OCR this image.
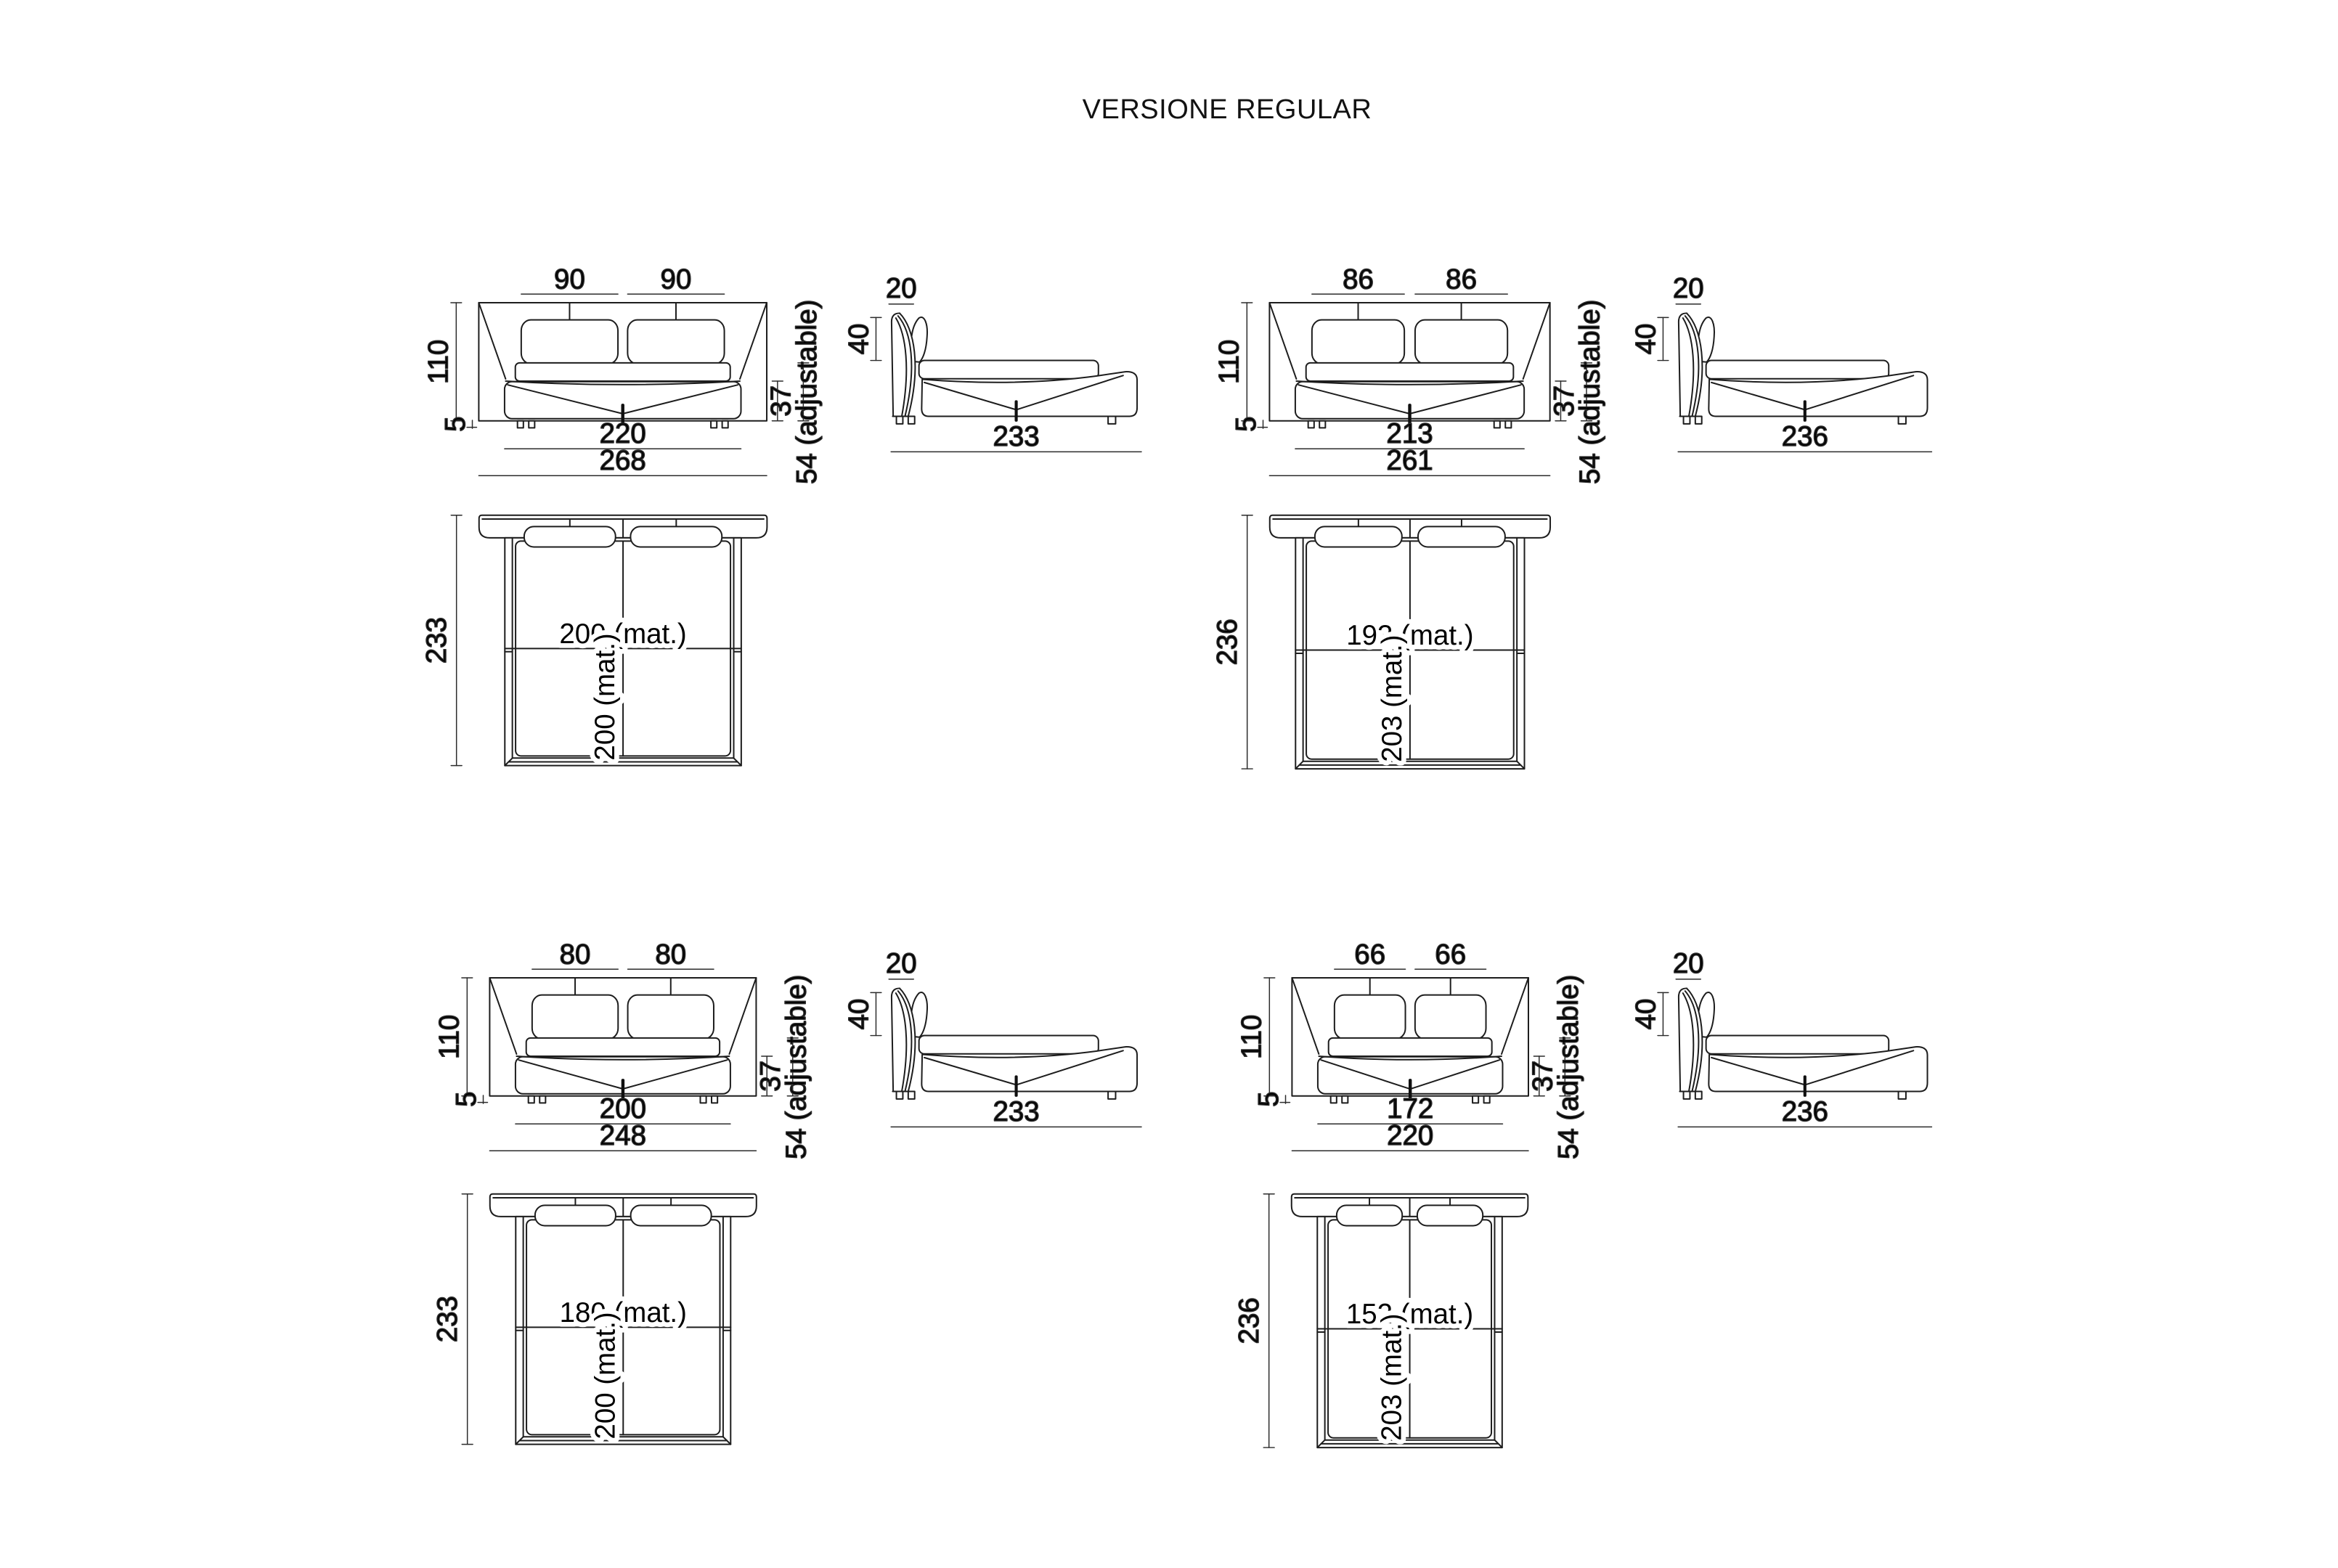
VERSIONE REGULAR
90	90
110
5
37
54 (adjustable)
220
268
20
40
233
233	200 (mat.)
200 (mat.)
86	86
110
5
37
54 (adjustable)
213
261
20
40
236
236	193 (mat.)
203 (mat.)
80	80
110
5
37
54 (adjustable)
200
248
20
40
233
233	180 (mat.)
200 (mat.)
66	66
110
5
37
54 (adjustable)
172
220
20
40
236
236	152 (mat.)
203 (mat.)
